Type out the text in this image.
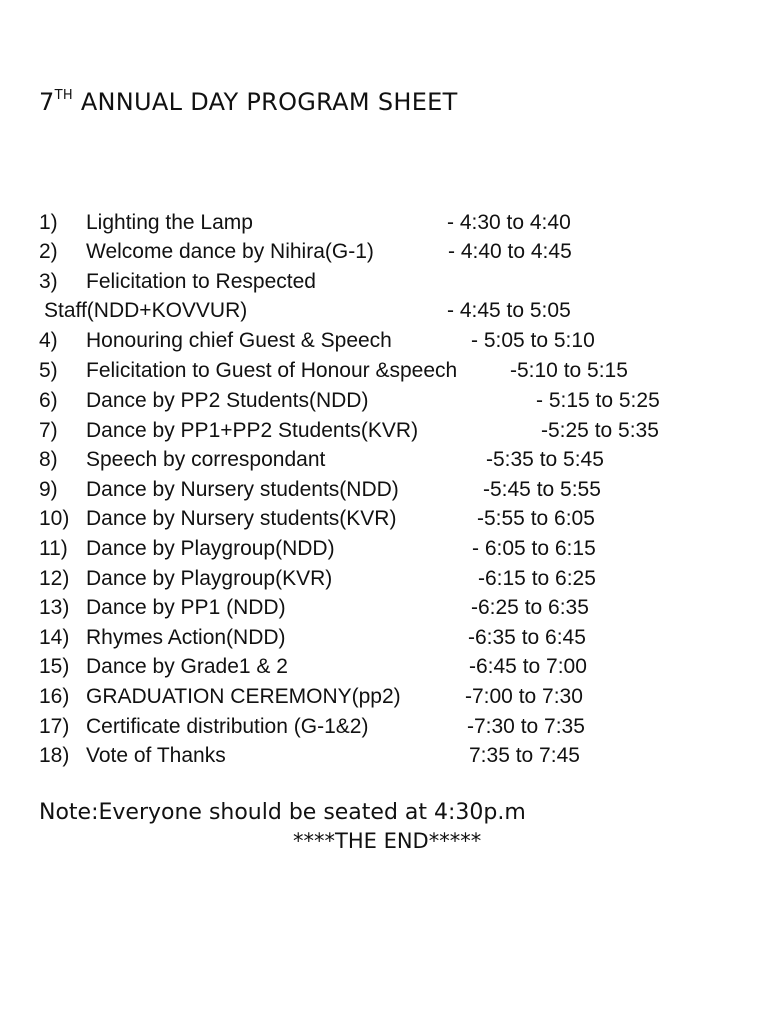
7TH ANNUAL DAY PROGRAM SHEET
1) Lighting the Lamp	- 4:30 to 4:40
2) Welcome dance by Nihira(G-1)	- 4:40 to 4:45
3) Felicitation to Respected
Staff(NDD+KOVVUR)	- 4:45 to 5:05
4) Honouring chief Guest & Speech	- 5:05 to 5:10
5) Felicitation to Guest of Honour &speech	-5:10 to 5:15
6) Dance by PP2 Students(NDD)	- 5:15 to 5:25
7) Dance by PP1+PP2 Students(KVR)	-5:25 to 5:35
8) Speech by correspondant	-5:35 to 5:45
9) Dance by Nursery students(NDD)	-5:45 to 5:55
10) Dance by Nursery students(KVR)	-5:55 to 6:05
11) Dance by Playgroup(NDD)	- 6:05 to 6:15
12) Dance by Playgroup(KVR)	-6:15 to 6:25
13) Dance by PP1 (NDD)	-6:25 to 6:35
14) Rhymes Action(NDD)	-6:35 to 6:45
15) Dance by Grade1 & 2	-6:45 to 7:00
16) GRADUATION CEREMONY(pp2)	-7:00 to 7:30
17) Certificate distribution (G-1&2)	-7:30 to 7:35
18) Vote of Thanks	7:35 to 7:45
Note:Everyone should be seated at 4:30p.m
****THE END*****
